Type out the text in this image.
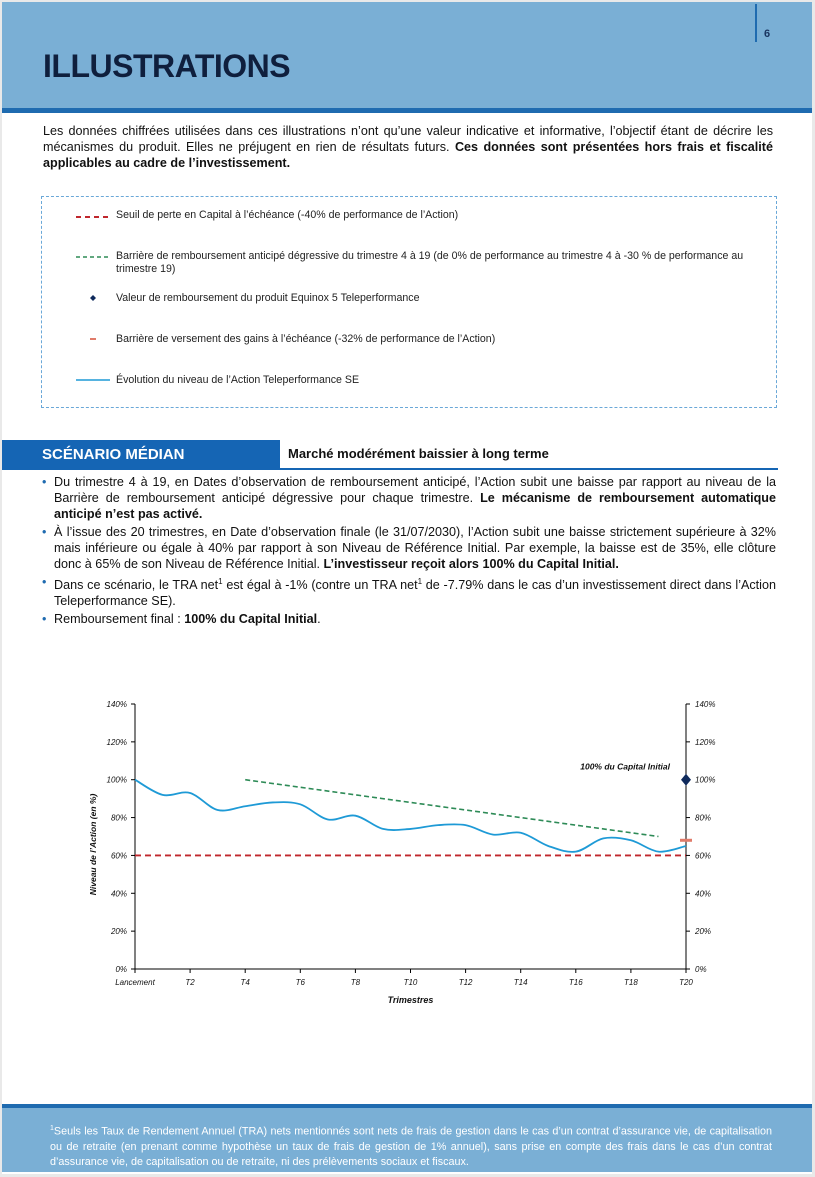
6
ILLUSTRATIONS
Les données chiffrées utilisées dans ces illustrations n’ont qu’une valeur indicative et informative, l’objectif étant de décrire les mécanismes du produit. Elles ne préjugent en rien de résultats futurs. Ces données sont présentées hors frais et fiscalité applicables au cadre de l’investissement.
Seuil de perte en Capital à l’échéance (-40% de performance de l’Action)
Barrière de remboursement anticipé dégressive du trimestre 4 à 19 (de 0% de performance au trimestre 4 à -30 % de performance au trimestre 19)
Valeur de remboursement du produit Equinox 5 Teleperformance
Barrière de versement des gains à l’échéance (-32% de performance de l’Action)
Évolution du niveau de l’Action Teleperformance SE
SCÉNARIO MÉDIAN	Marché modérément baissier à long terme
• Du trimestre 4 à 19, en Dates d’observation de remboursement anticipé, l’Action subit une baisse par rapport au niveau de la Barrière de remboursement anticipé dégressive pour chaque trimestre. Le mécanisme de remboursement automatique anticipé n’est pas activé.
• À l’issue des 20 trimestres, en Date d’observation finale (le 31/07/2030), l’Action subit une baisse strictement supérieure à 32% mais inférieure ou égale à 40% par rapport à son Niveau de Référence Initial. Par exemple, la baisse est de 35%, elle clôture donc à 65% de son Niveau de Référence Initial. L’investisseur reçoit alors 100% du Capital Initial.
• Dans ce scénario, le TRA net$^1$ est égal à -1% (contre un TRA net$^1$ de -7.79% dans le cas d’un investissement direct dans l’Action Teleperformance SE).
• Remboursement final : 100% du Capital Initial.
0%	0%
20%	20%
40%	40%
60%	60%
80%	80%
100%	100%
120%	120%
140%	140%
Lancement	T2	T4	T6	T8	T10	T12	T14	T16	T18	T20
Trimestres
Niveau de l’Action (en %)
100% du Capital Initial
$^1$Seuls les Taux de Rendement Annuel (TRA) nets mentionnés sont nets de frais de gestion dans le cas d’un contrat d’assurance vie, de capitalisation ou de retraite (en prenant comme hypothèse un taux de frais de gestion de 1% annuel), sans prise en compte des frais dans le cas d’un contrat d’assurance vie, de capitalisation ou de retraite, ni des prélèvements sociaux et fiscaux.
